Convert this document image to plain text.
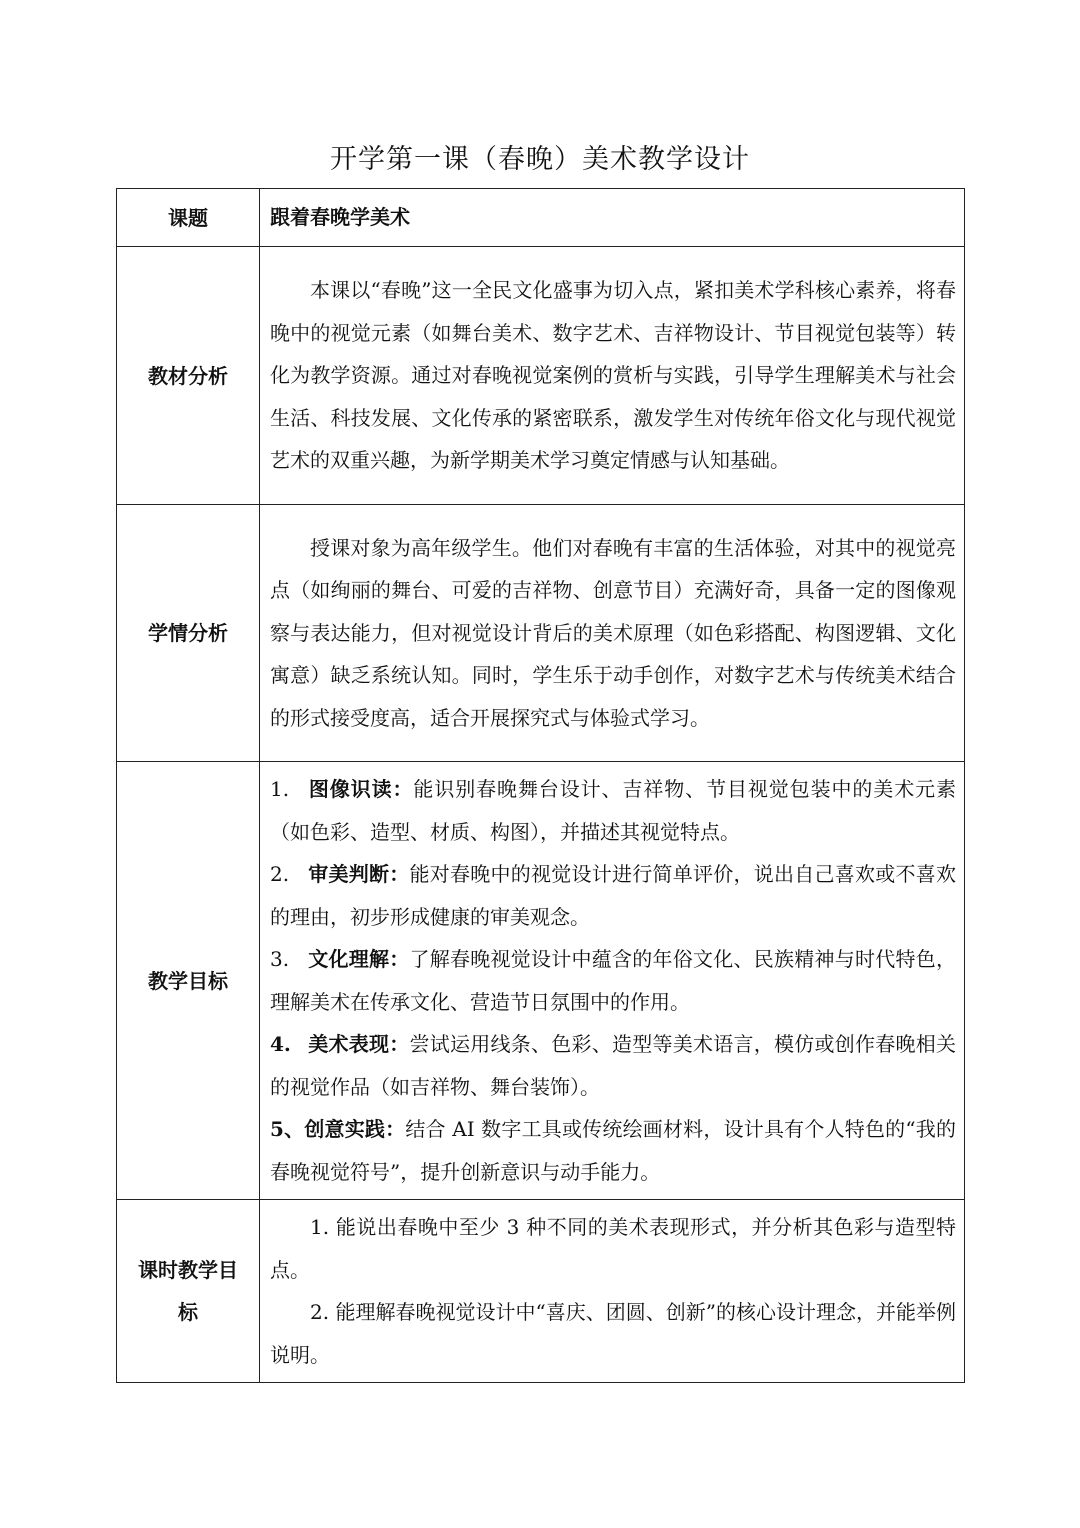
开学第一课（春晚）美术教学设计
课题	跟着春晚学美术
教材分析	本课以“春晚”这一全民文化盛事为切入点，紧扣美术学科核心素养，将春晚中的视觉元素（如舞台美术、数字艺术、吉祥物设计、节目视觉包装等）转化为教学资源。通过对春晚视觉案例的赏析与实践，引导学生理解美术与社会生活、科技发展、文化传承的紧密联系，激发学生对传统年俗文化与现代视觉艺术的双重兴趣，为新学期美术学习奠定情感与认知基础。

学情分析	授课对象为高年级学生。他们对春晚有丰富的生活体验，对其中的视觉亮点（如绚丽的舞台、可爱的吉祥物、创意节目）充满好奇，具备一定的图像观察与表达能力，但对视觉设计背后的美术原理（如色彩搭配、构图逻辑、文化寓意）缺乏系统认知。同时，学生乐于动手创作，对数字艺术与传统美术结合的形式接受度高，适合开展探究式与体验式学习。

教学目标	1. 图像识读：能识别春晚舞台设计、吉祥物、节目视觉包装中的美术元素（如色彩、造型、材质、构图），并描述其视觉特点。

2. 审美判断：能对春晚中的视觉设计进行简单评价，说出自己喜欢或不喜欢的理由，初步形成健康的审美观念。

3. 文化理解：了解春晚视觉设计中蕴含的年俗文化、民族精神与时代特色，理解美术在传承文化、营造节日氛围中的作用。

4. 美术表现：尝试运用线条、色彩、造型等美术语言，模仿或创作春晚相关的视觉作品（如吉祥物、舞台装饰）。

5、创意实践：结合 AI 数字工具或传统绘画材料，设计具有个人特色的“我的春晚视觉符号”，提升创新意识与动手能力。

课时教学目标	1. 能说出春晚中至少 3 种不同的美术表现形式，并分析其色彩与造型特点。

2. 能理解春晚视觉设计中“喜庆、团圆、创新”的核心设计理念，并能举例说明。
